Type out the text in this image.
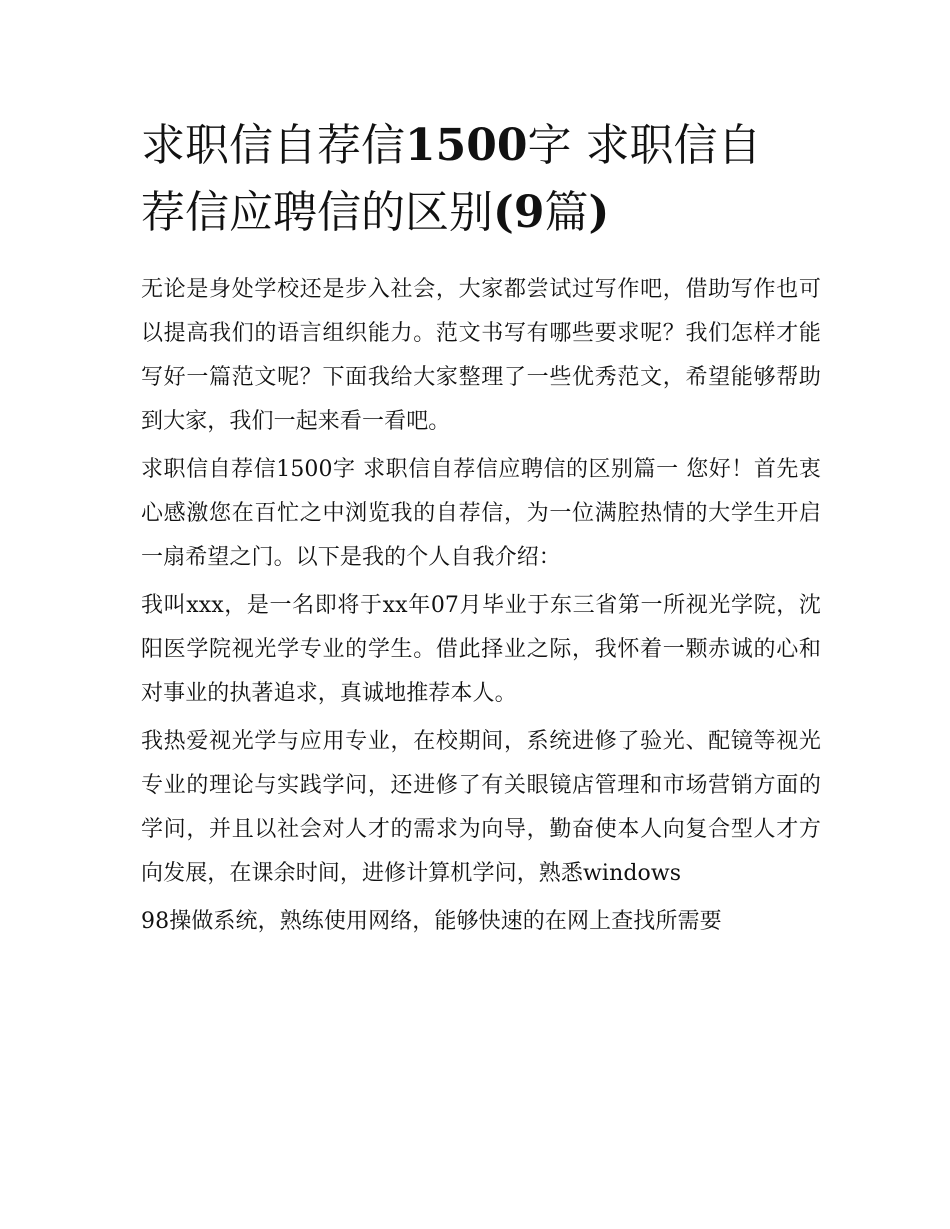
求职信自荐信1500字 求职信自荐信应聘信的区别(9篇)

无论是身处学校还是步入社会，大家都尝试过写作吧，借助写作也可以提高我们的语言组织能力。范文书写有哪些要求呢？我们怎样才能写好一篇范文呢？下面我给大家整理了一些优秀范文，希望能够帮助到大家，我们一起来看一看吧。

求职信自荐信1500字 求职信自荐信应聘信的区别篇一 您好！首先衷心感激您在百忙之中浏览我的自荐信，为一位满腔热情的大学生开启一扇希望之门。以下是我的个人自我介绍：

我叫xxx，是一名即将于xx年07月毕业于东三省第一所视光学院，沈阳医学院视光学专业的学生。借此择业之际，我怀着一颗赤诚的心和对事业的执著追求，真诚地推荐本人。

我热爱视光学与应用专业，在校期间，系统进修了验光、配镜等视光专业的理论与实践学问，还进修了有关眼镜店管理和市场营销方面的学问，并且以社会对人才的需求为向导，勤奋使本人向复合型人才方向发展，在课余时间，进修计算机学问，熟悉windows

98操做系统，熟练使用网络，能够快速的在网上查找所需要
